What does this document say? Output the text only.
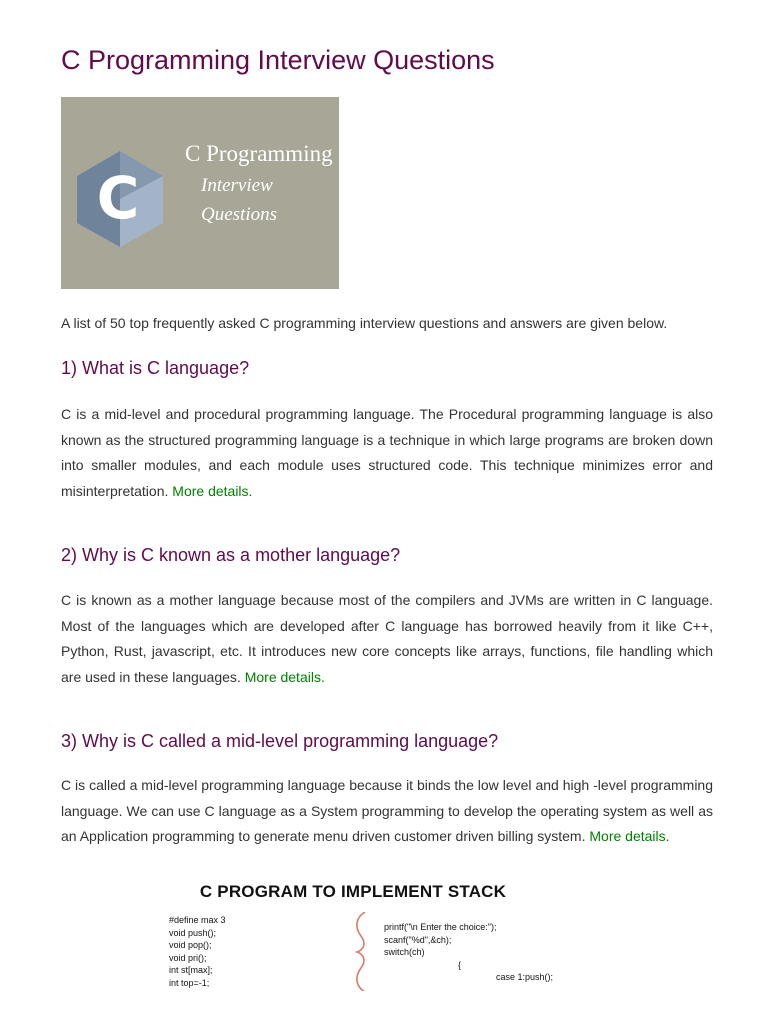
C Programming Interview Questions
C
C Programming
Interview
Questions

A list of 50 top frequently asked C programming interview questions and answers are given below.

1) What is C language?

C is a mid-level and procedural programming language. The Procedural programming language is also known as the structured programming language is a technique in which large programs are broken down into smaller modules, and each module uses structured code. This technique minimizes error and misinterpretation. More details.

2) Why is C known as a mother language?

C is known as a mother language because most of the compilers and JVMs are written in C language. Most of the languages which are developed after C language has borrowed heavily from it like C++, Python, Rust, javascript, etc. It introduces new core concepts like arrays, functions, file handling which are used in these languages. More details.

3) Why is C called a mid-level programming language?

C is called a mid-level programming language because it binds the low level and high -level programming language. We can use C language as a System programming to develop the operating system as well as an Application programming to generate menu driven customer driven billing system. More details.

C PROGRAM TO IMPLEMENT STACK
#define max 3
void push();
void pop();
void pri();
int st[max];
int top=-1;
printf("\n Enter the choice:");
scanf("%d",&ch);
switch(ch)
{
case 1:push();
